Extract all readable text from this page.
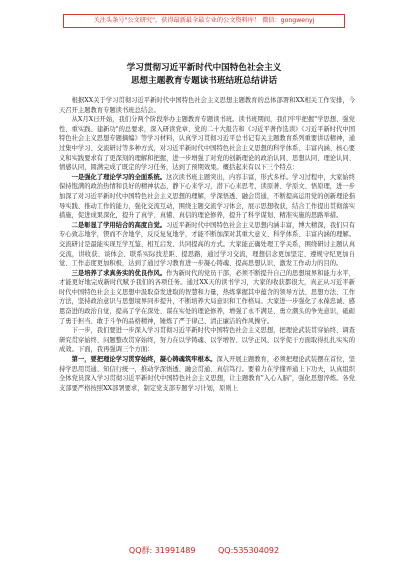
关注头条号"公文研究"，获得最新最全最专业的公文资料库！ 微信：gongwenyj
学习贯彻习近平新时代中国特色社会主义
思想主题教育专题读书班结班总结讲话

根据XX关于学习贯彻习近平新时代中国特色社会主义思想主题教育的总体部署和XX相关工作安排，今天召开主题教育专题读书班总结会。

从X月X日开始，我们分两个阶段举办主题教育专题读书班。读书班期间，我们牢牢把握"学思想、强党性、重实践、建新功"的总要求，深入研读党章、党的二十大报告和《习近平著作选读》《习近平新时代中国特色社会主义思想专题摘编》等学习材料，认真学习贯彻习近平总书记有关主题教育系列重要讲话精神，通过集中学习、交流研讨等多种方式，对习近平新时代中国特色社会主义思想的科学体系、丰富内涵、核心要义和实践要求有了更深刻的理解和把握，进一步增强了对党的创新理论的政治认同、思想认同、理论认同、情感认同，圆满完成了既定的学习任务，达到了预期效果。概括起来有以下三个特点：

一是强化了理论学习的全面系统。这次读书班主题突出，内容丰富，形式多样。学习过程中，大家始终保持饱满的政治热情和良好的精神状态，静下心来学习，潜下心来思考，读原著、学原文、悟原理，进一步加深了对习近平新时代中国特色社会主义思想的理解，学深悟透、融会贯通，不断提高运用党的创新理论指导实践、推动工作的能力，强化交流互动，围绕主题交流学习体会，展示思想收获，结合工作提出贯彻落实措施，促进成果深化，提升了真学、真懂、真信的理论修养，提升了科学谋划、精准实施的思路举措。

二是彰显了学用结合的高度自觉。习近平新时代中国特色社会主义思想内涵丰富，博大精深，我们只有专心致志地学，锲而不舍地学，反反复复地学，才能不断加深对其重大意义、科学体系、丰富内涵的理解。交流研讨是最能实现互学互鉴、相互启发、共同提高的方式。大家能正确处理工学关系，围绕研讨主题认真交流，讲收获、谈体会、联系实际找差距、提思路，通过学习交流，理想信念更加坚定、遵规守纪更加自觉、工作态度更加积极，达到了通过学习教育进一步凝心铸魂、提高思想认识、激发工作动力的目的。

三是培养了求真务实的优良作风。作为新时代的党员干部，必须不断提升自己的思想境界和能力水平，才能更好地完成新时代赋予我们的各项任务。通过XX天的读书学习，大家的收获都很大，真正从习近平新时代中国特色社会主义思想中汲取奋发进取的智慧和力量，热练掌握其中蕴含的领导方法、思想方法、工作方法，坚持政治意识与思想境界同步提升，不断培养大局意识和工作格局。大家进一步强化了永葆忠诚、感恩奋进的政治自觉，提高了学在深处、谋在实处的理论修养，增强了永不满足、勇立潮头的争先意识，砥砺了勇于担当、敢于斗争的品格精神，锤炼了严于律己、清正廉洁的作风操守。

下一步，我们要进一步深入学习贯彻习近平新时代中国特色社会主义思想，把理论武装贯穿始终、调查研究贯穿始终、问题整改贯穿始终，努力在以学铸魂、以学增智、以学正风、以学促干方面取得扎扎实实的成效。下面，我再强调三个方面：

第一，要把理论学习贯穿始终，凝心铸魂筑牢根本。深入开展主题教育，必须把理论武装摆在首位，坚持学思用贯通、知信行统一，推动学深悟透、融会贯通、真信笃行。要着力在学懂弄通上下功夫，认真组织全体党员深入学习贯彻习近平新时代中国特色社会主义思想，让主题教育"入心入脑"，强化思想淬炼。各党支部要严格按照XX部署要求，制定党支部专题学习计划，原则上

QQ群: 31991489	QQ:535304092
